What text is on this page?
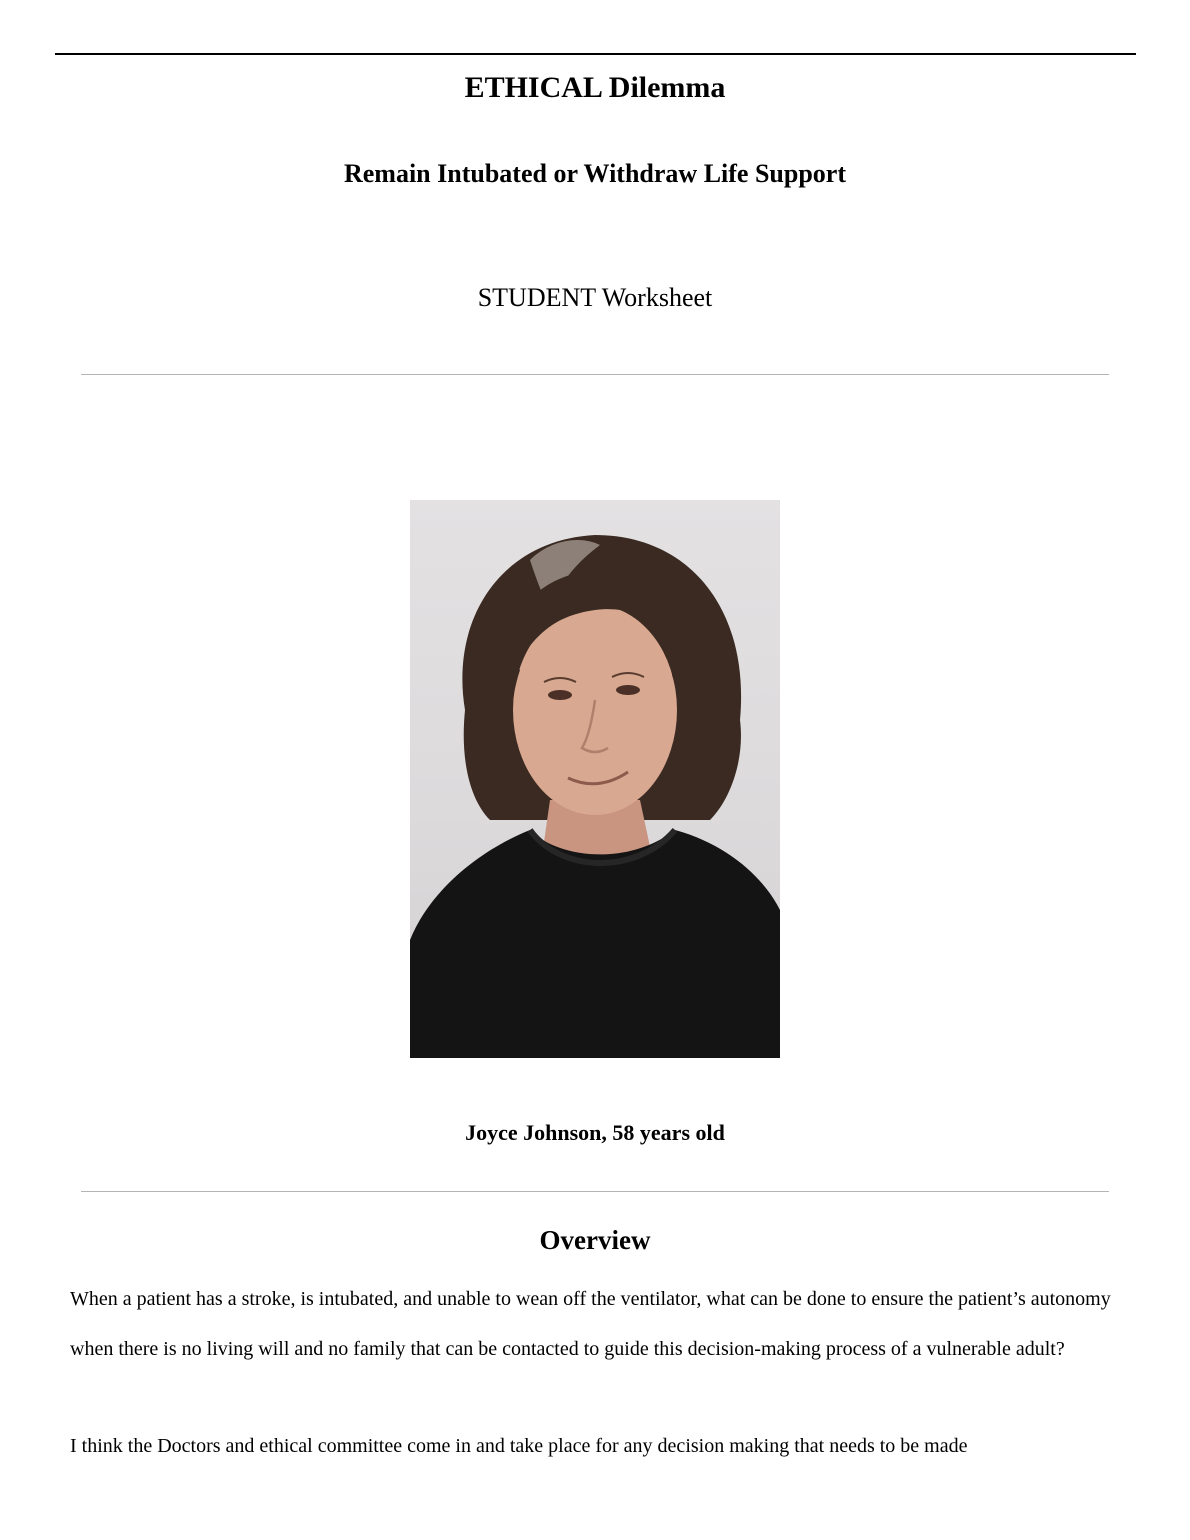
ETHICAL Dilemma
Remain Intubated or Withdraw Life Support

STUDENT Worksheet

Joyce Johnson, 58 years old
Overview

When a patient has a stroke, is intubated, and unable to wean off the ventilator, what can be done to ensure the patient’s autonomy when there is no living will and no family that can be contacted to guide this decision-making process of a vulnerable adult?

I think the Doctors and ethical committee come in and take place for any decision making that needs to be made
